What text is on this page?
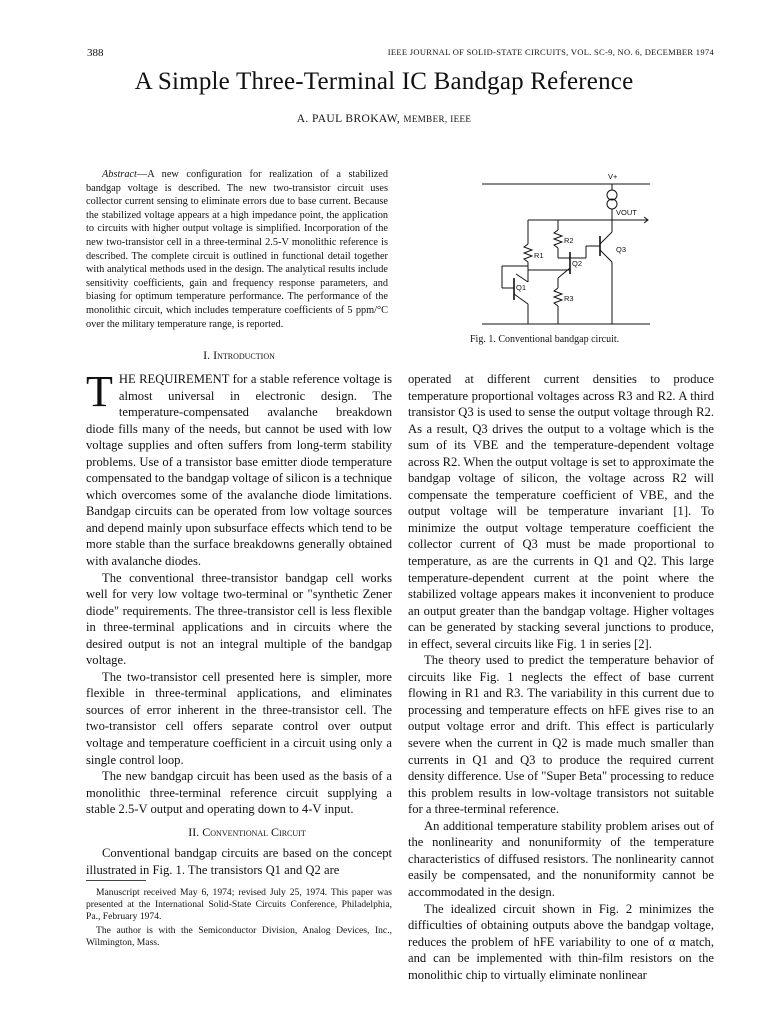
388	IEEE JOURNAL OF SOLID-STATE CIRCUITS, VOL. SC-9, NO. 6, DECEMBER 1974
A Simple Three-Terminal IC Bandgap Reference
A. PAUL BROKAW, MEMBER, IEEE
Abstract—A new configuration for realization of a stabilized bandgap voltage is described. The new two-transistor circuit uses collector current sensing to eliminate errors due to base current. Because the stabilized voltage appears at a high impedance point, the application to circuits with higher output voltage is simplified. Incorporation of the new two-transistor cell in a three-terminal 2.5-V monolithic reference is described. The complete circuit is outlined in functional detail together with analytical methods used in the design. The analytical results include sensitivity coefficients, gain and frequency response parameters, and biasing for optimum temperature performance. The performance of the monolithic circuit, which includes temperature coefficients of 5 ppm/°C over the military temperature range, is reported.
V+
VOUT
R2
R1
Q3
Q2
Q1
R3
Fig. 1. Conventional bandgap circuit.

I. Introduction

THE REQUIREMENT for a stable reference voltage is almost universal in electronic design. The temperature-compensated avalanche breakdown diode fills many of the needs, but cannot be used with low voltage supplies and often suffers from long-term stability problems. Use of a transistor base emitter diode temperature compensated to the bandgap voltage of silicon is a technique which overcomes some of the avalanche diode limitations. Bandgap circuits can be operated from low voltage sources and depend mainly upon subsurface effects which tend to be more stable than the surface breakdowns generally obtained with avalanche diodes.

The conventional three-transistor bandgap cell works well for very low voltage two-terminal or "synthetic Zener diode" requirements. The three-transistor cell is less flexible in three-terminal applications and in circuits where the desired output is not an integral multiple of the bandgap voltage.

The two-transistor cell presented here is simpler, more flexible in three-terminal applications, and eliminates sources of error inherent in the three-transistor cell. The two-transistor cell offers separate control over output voltage and temperature coefficient in a circuit using only a single control loop.

The new bandgap circuit has been used as the basis of a monolithic three-terminal reference circuit supplying a stable 2.5-V output and operating down to 4-V input.

II. Conventional Circuit

Conventional bandgap circuits are based on the concept illustrated in Fig. 1. The transistors Q1 and Q2 are

operated at different current densities to produce temperature proportional voltages across R3 and R2. A third transistor Q3 is used to sense the output voltage through R2. As a result, Q3 drives the output to a voltage which is the sum of its VBE and the temperature-dependent voltage across R2. When the output voltage is set to approximate the bandgap voltage of silicon, the voltage across R2 will compensate the temperature coefficient of VBE, and the output voltage will be temperature invariant [1]. To minimize the output voltage temperature coefficient the collector current of Q3 must be made proportional to temperature, as are the currents in Q1 and Q2. This large temperature-dependent current at the point where the stabilized voltage appears makes it inconvenient to produce an output greater than the bandgap voltage. Higher voltages can be generated by stacking several junctions to produce, in effect, several circuits like Fig. 1 in series [2].

The theory used to predict the temperature behavior of circuits like Fig. 1 neglects the effect of base current flowing in R1 and R3. The variability in this current due to processing and temperature effects on hFE gives rise to an output voltage error and drift. This effect is particularly severe when the current in Q2 is made much smaller than currents in Q1 and Q3 to produce the required current density difference. Use of "Super Beta" processing to reduce this problem results in low-voltage transistors not suitable for a three-terminal reference.

An additional temperature stability problem arises out of the nonlinearity and nonuniformity of the temperature characteristics of diffused resistors. The nonlinearity cannot easily be compensated, and the nonuniformity cannot be accommodated in the design.

The idealized circuit shown in Fig. 2 minimizes the difficulties of obtaining outputs above the bandgap voltage, reduces the problem of hFE variability to one of α match, and can be implemented with thin-film resistors on the monolithic chip to virtually eliminate nonlinear

Manuscript received May 6, 1974; revised July 25, 1974. This paper was presented at the International Solid-State Circuits Conference, Philadelphia, Pa., February 1974.

The author is with the Semiconductor Division, Analog Devices, Inc., Wilmington, Mass.
